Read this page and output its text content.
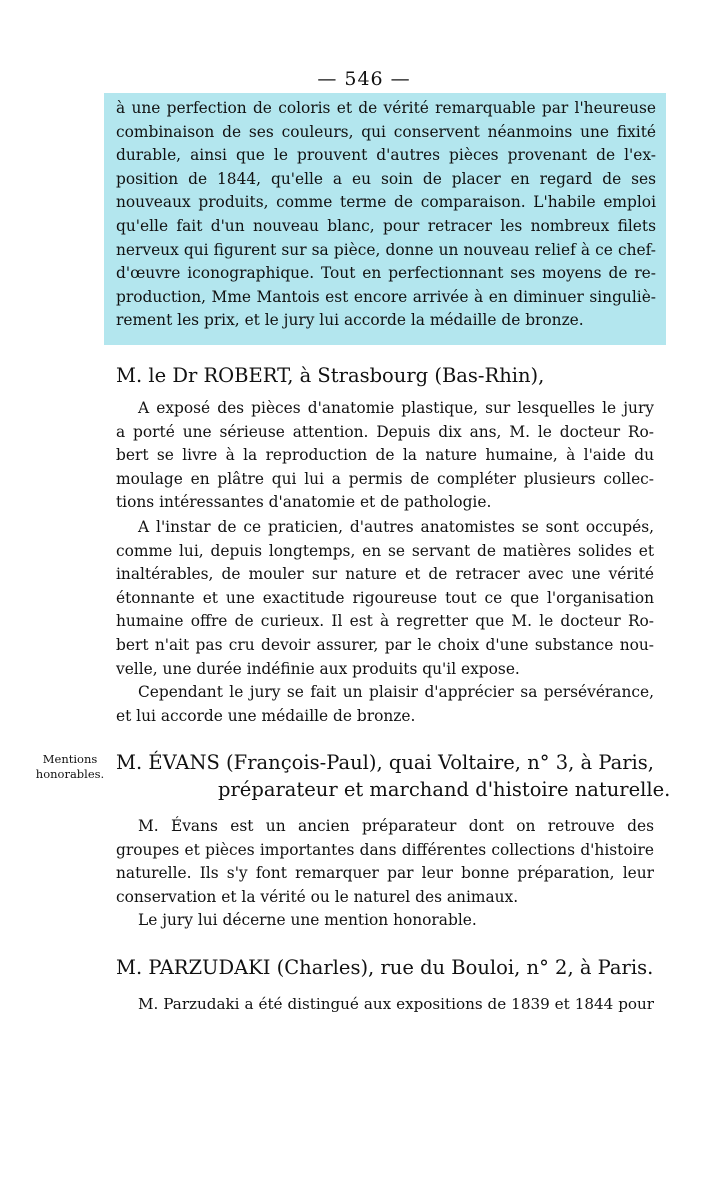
— 546 —
à une perfection de coloris et de vérité remarquable par l'heureuse
combinaison de ses couleurs, qui conservent néanmoins une fixité
durable, ainsi que le prouvent d'autres pièces provenant de l'ex-
position de 1844, qu'elle a eu soin de placer en regard de ses
nouveaux produits, comme terme de comparaison. L'habile emploi
qu'elle fait d'un nouveau blanc, pour retracer les nombreux filets
nerveux qui figurent sur sa pièce, donne un nouveau relief à ce chef-
d'œuvre iconographique. Tout en perfectionnant ses moyens de re-
production, Mme Mantois est encore arrivée à en diminuer singuliè-
rement les prix, et le jury lui accorde la médaille de bronze.
M. le Dr ROBERT, à Strasbourg (Bas-Rhin),
A exposé des pièces d'anatomie plastique, sur lesquelles le jury
a porté une sérieuse attention. Depuis dix ans, M. le docteur Ro-
bert se livre à la reproduction de la nature humaine, à l'aide du
moulage en plâtre qui lui a permis de compléter plusieurs collec-
tions intéressantes d'anatomie et de pathologie.
A l'instar de ce praticien, d'autres anatomistes se sont occupés,
comme lui, depuis longtemps, en se servant de matières solides et
inaltérables, de mouler sur nature et de retracer avec une vérité
étonnante et une exactitude rigoureuse tout ce que l'organisation
humaine offre de curieux. Il est à regretter que M. le docteur Ro-
bert n'ait pas cru devoir assurer, par le choix d'une substance nou-
velle, une durée indéfinie aux produits qu'il expose.
Cependant le jury se fait un plaisir d'apprécier sa persévérance,
et lui accorde une médaille de bronze.
Mentions
honorables. M. ÉVANS (François-Paul), quai Voltaire, n° 3, à Paris,
préparateur et marchand d'histoire naturelle.
M. Évans est un ancien préparateur dont on retrouve des
groupes et pièces importantes dans différentes collections d'histoire
naturelle. Ils s'y font remarquer par leur bonne préparation, leur
conservation et la vérité ou le naturel des animaux.
Le jury lui décerne une mention honorable.
M. PARZUDAKI (Charles), rue du Bouloi, n° 2, à Paris.
M. Parzudaki a été distingué aux expositions de 1839 et 1844 pour
